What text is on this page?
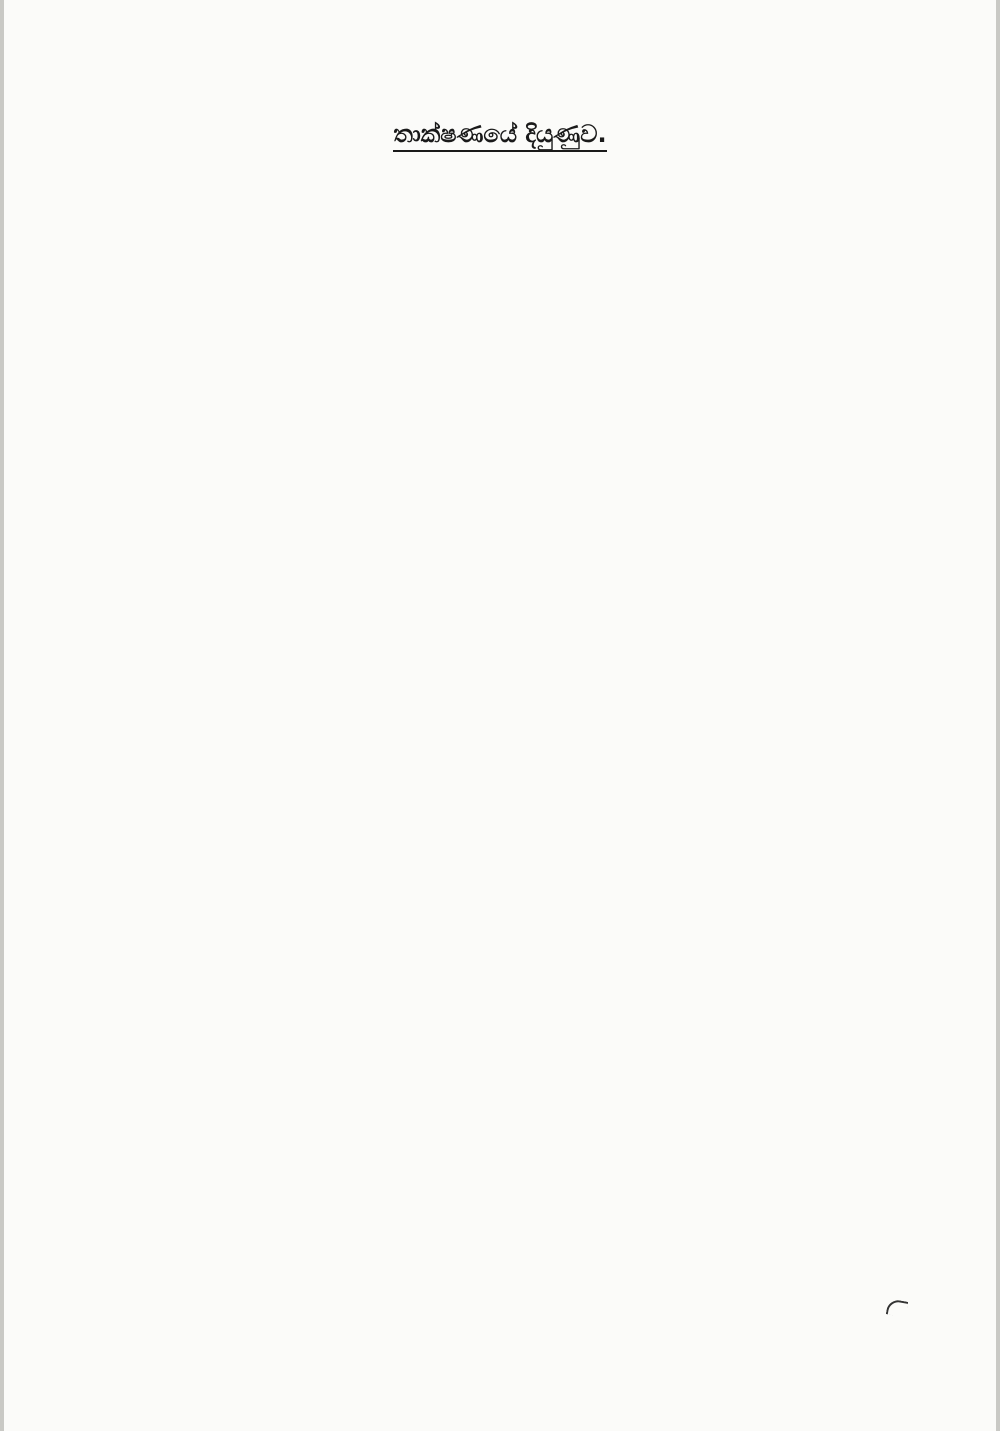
තාක්ෂණයේ දියුණුව.
